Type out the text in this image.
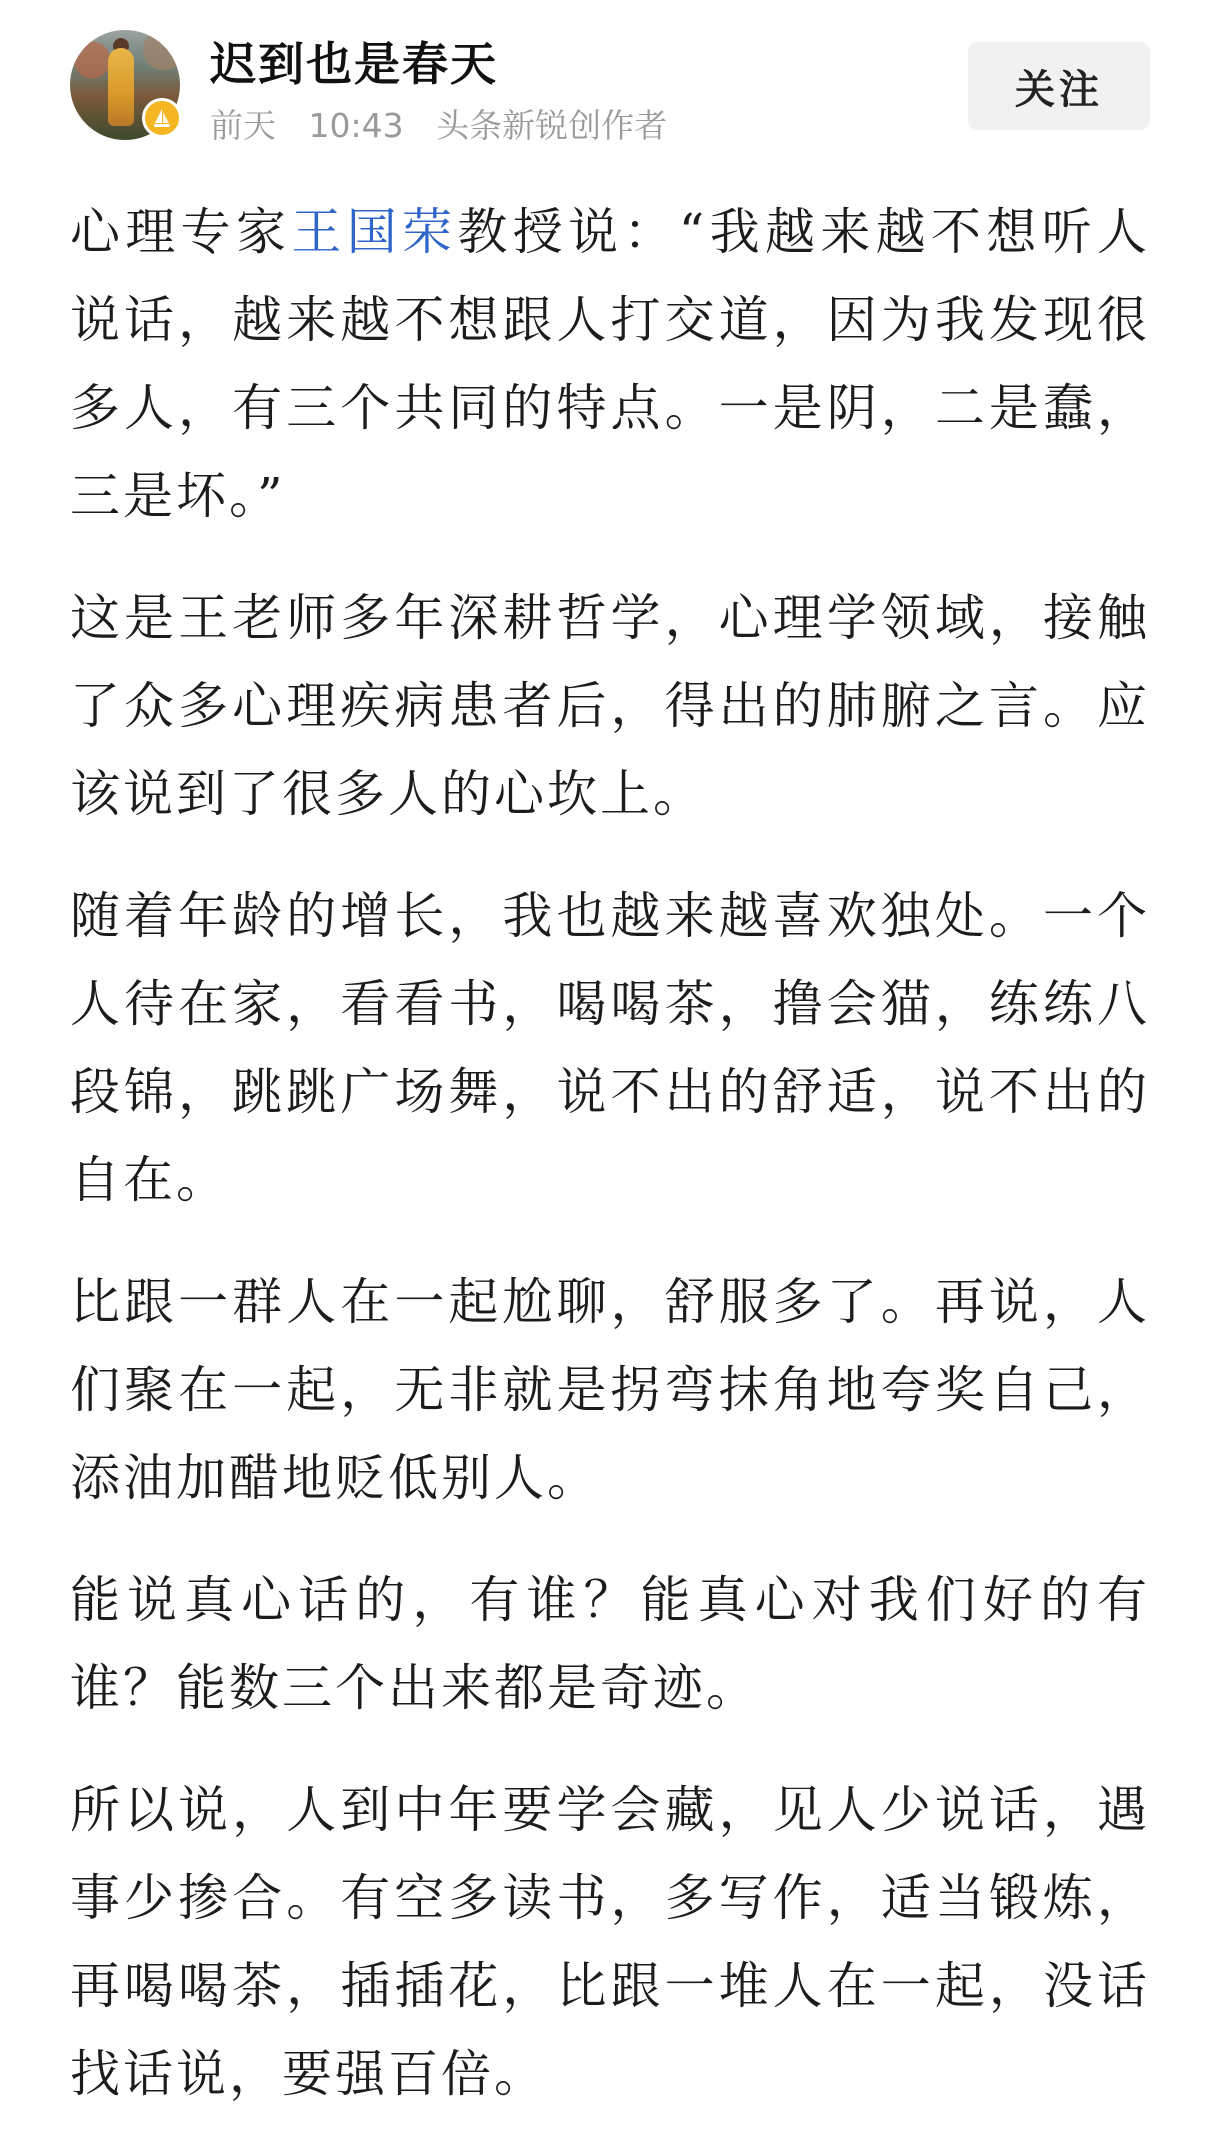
迟到也是春天
前天 10:43 头条新锐创作者
关注

心理专家王国荣教授说：“我越来越不想听人说话，越来越不想跟人打交道，因为我发现很多人，有三个共同的特点。一是阴，二是蠢，三是坏。”

这是王老师多年深耕哲学，心理学领域，接触了众多心理疾病患者后，得出的肺腑之言。应该说到了很多人的心坎上。

随着年龄的增长，我也越来越喜欢独处。一个人待在家，看看书，喝喝茶，撸会猫，练练八段锦，跳跳广场舞，说不出的舒适，说不出的自在。

比跟一群人在一起尬聊，舒服多了。再说，人们聚在一起，无非就是拐弯抹角地夸奖自己，添油加醋地贬低别人。

能说真心话的，有谁？能真心对我们好的有谁？能数三个出来都是奇迹。

所以说，人到中年要学会藏，见人少说话，遇事少掺合。有空多读书，多写作，适当锻炼，再喝喝茶，插插花，比跟一堆人在一起，没话找话说，要强百倍。
